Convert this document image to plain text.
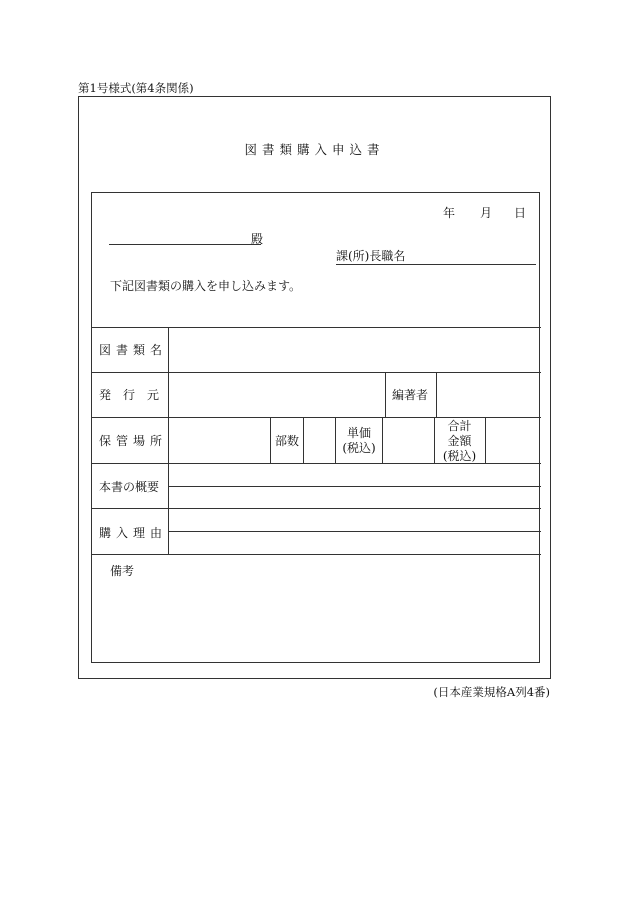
第1号様式(第4条関係)
図書類購入申込書
年 月 日
殿
課(所)長職名
下記図書類の購入を申し込みます。
図書類名
発　行　元	編著者
保管場所	部数
単価
(税込)
合計
金額
(税込)
本書の概要
購入理由
備考
(日本産業規格A列4番)
